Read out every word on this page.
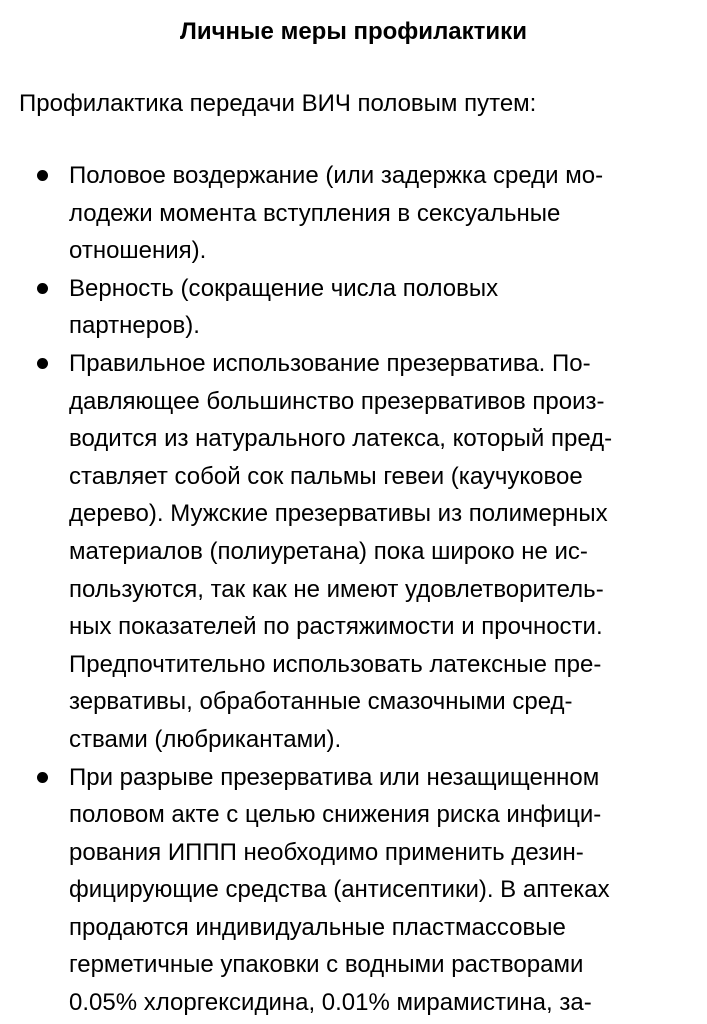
Личные меры профилактики

Профилактика передачи ВИЧ половым путем:

Половое воздержание (или задержка среди мо-
лодежи момента вступления в сексуальные
отношения).
Верность (сокращение числа половых
партнеров).
Правильное использование презерватива. По-
давляющее большинство презервативов произ-
водится из натурального латекса, который пред-
ставляет собой сок пальмы гевеи (каучуковое
дерево). Мужские презервативы из полимерных
материалов (полиуретана) пока широко не ис-
пользуются, так как не имеют удовлетворитель-
ных показателей по растяжимости и прочности.
Предпочтительно использовать латексные пре-
зервативы, обработанные смазочными сред-
ствами (любрикантами).
При разрыве презерватива или незащищенном
половом акте с целью снижения риска инфици-
рования ИППП необходимо применить дезин-
фицирующие средства (антисептики). В аптеках
продаются индивидуальные пластмассовые
герметичные упаковки с водными растворами
0.05% хлоргексидина, 0.01% мирамистина, за-
